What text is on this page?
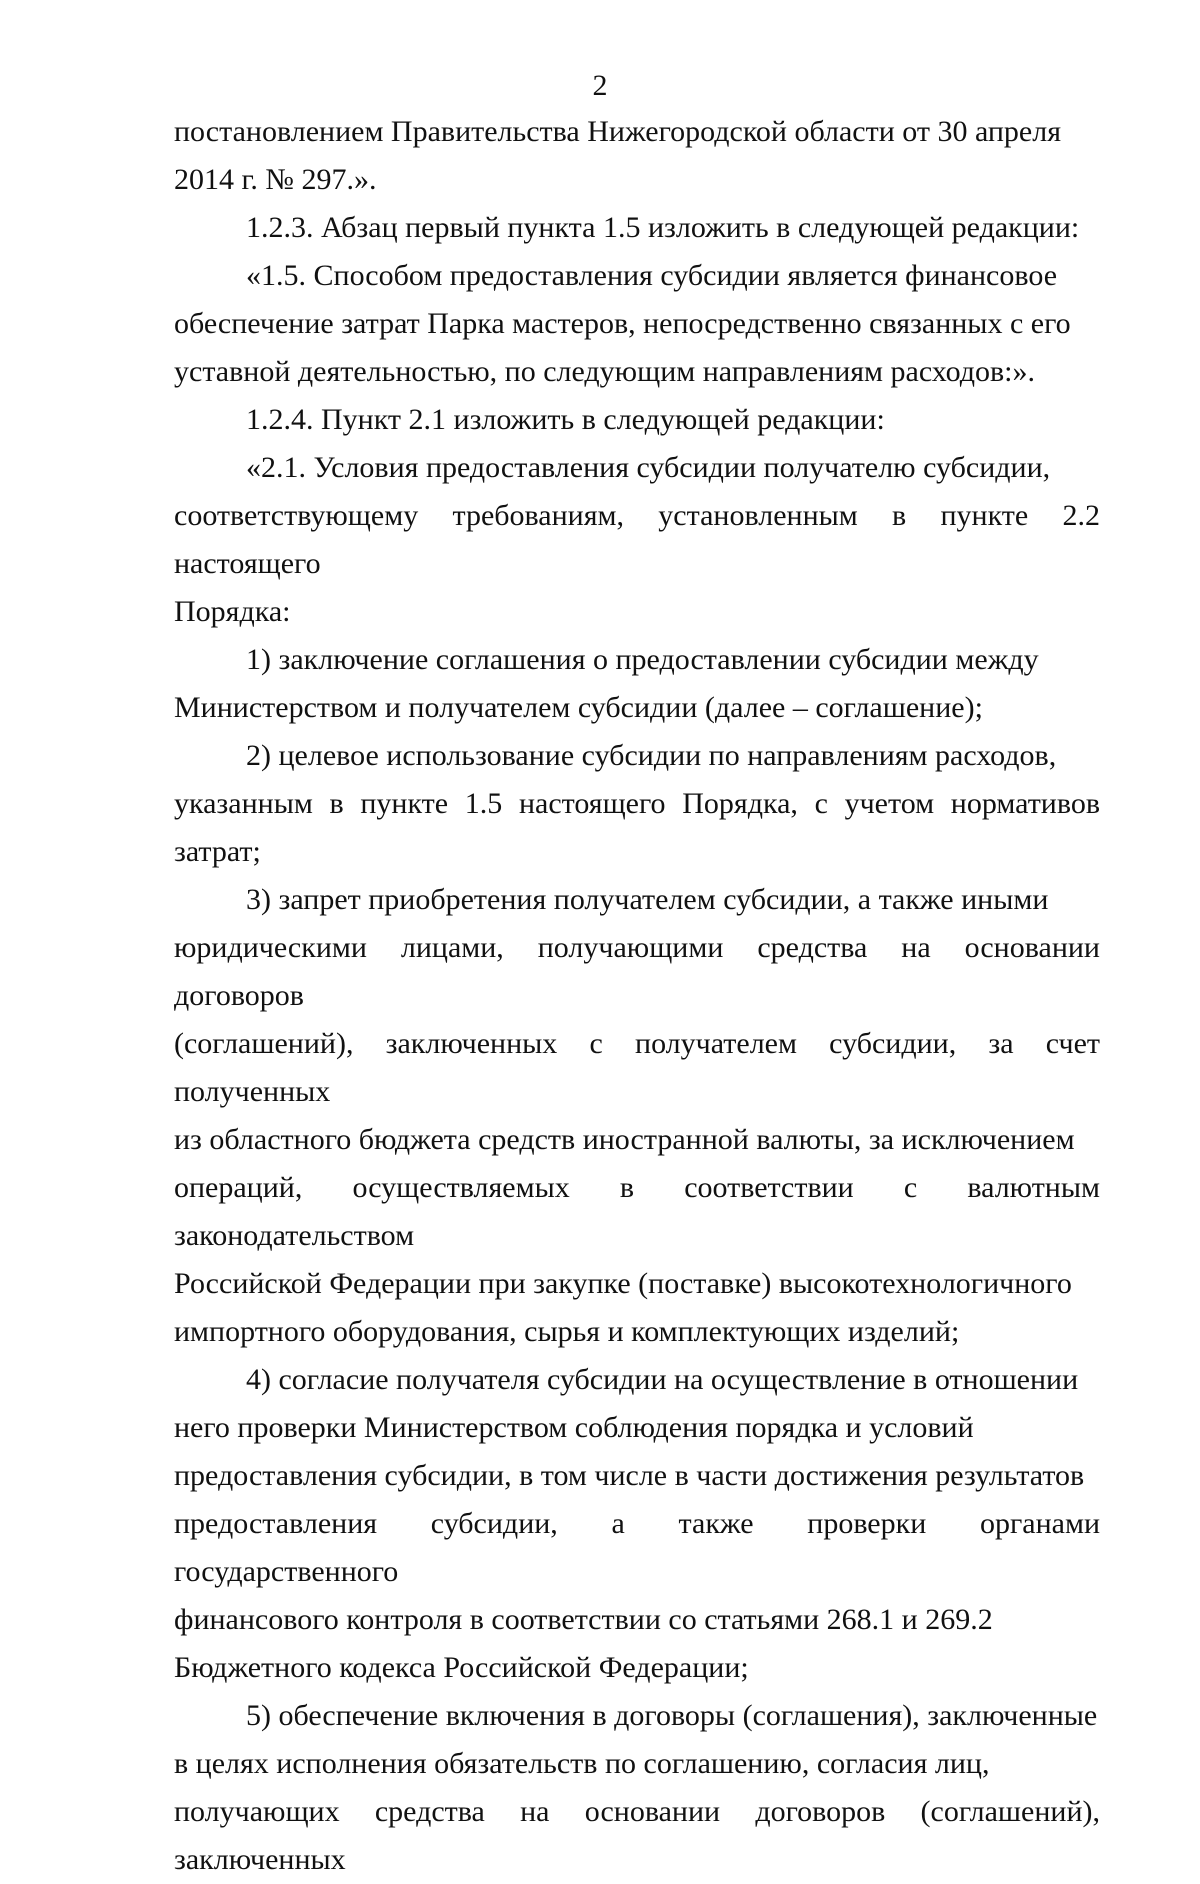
2

постановлением Правительства Нижегородской области от 30 апреля
2014 г. № 297.».

1.2.3. Абзац первый пункта 1.5 изложить в следующей редакции:

«1.5. Способом предоставления субсидии является финансовое
обеспечение затрат Парка мастеров, непосредственно связанных с его
уставной деятельностью, по следующим направлениям расходов:».

1.2.4. Пункт 2.1 изложить в следующей редакции:

«2.1. Условия предоставления субсидии получателю субсидии,
соответствующему требованиям, установленным в пункте 2.2 настоящего
Порядка:

1) заключение соглашения о предоставлении субсидии между
Министерством и получателем субсидии (далее – соглашение);

2) целевое использование субсидии по направлениям расходов,
указанным в пункте 1.5 настоящего Порядка, с учетом нормативов затрат;

3) запрет приобретения получателем субсидии, а также иными
юридическими лицами, получающими средства на основании договоров
(соглашений), заключенных с получателем субсидии, за счет полученных
из областного бюджета средств иностранной валюты, за исключением
операций, осуществляемых в соответствии с валютным законодательством
Российской Федерации при закупке (поставке) высокотехнологичного
импортного оборудования, сырья и комплектующих изделий;

4) согласие получателя субсидии на осуществление в отношении
него проверки Министерством соблюдения порядка и условий
предоставления субсидии, в том числе в части достижения результатов
предоставления субсидии, а также проверки органами государственного
финансового контроля в соответствии со статьями 268.1 и 269.2
Бюджетного кодекса Российской Федерации;

5) обеспечение включения в договоры (соглашения), заключенные
в целях исполнения обязательств по соглашению, согласия лиц,
получающих средства на основании договоров (соглашений), заключенных
